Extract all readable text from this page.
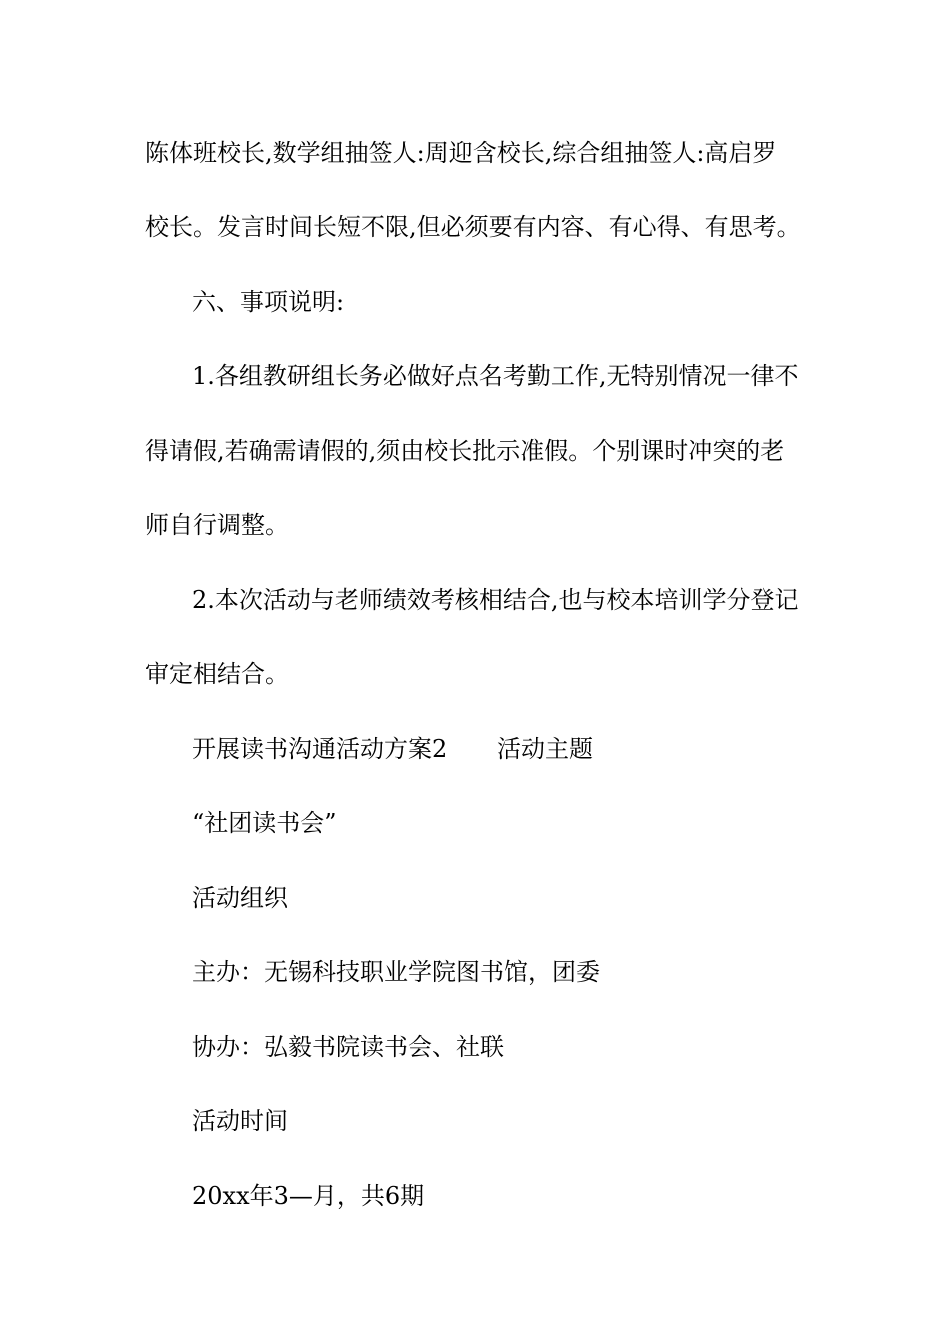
陈体班校长,数学组抽签人:周迎含校长,综合组抽签人:高启罗
校长。发言时间长短不限,但必须要有内容、有心得、有思考。
六、事项说明:
1.各组教研组长务必做好点名考勤工作,无特别情况一律不
得请假,若确需请假的,须由校长批示准假。个别课时冲突的老
师自行调整。
2.本次活动与老师绩效考核相结合,也与校本培训学分登记
审定相结合。
开展读书沟通活动方案2	活动主题
“社团读书会”
活动组织
主办：无锡科技职业学院图书馆，团委
协办：弘毅书院读书会、社联
活动时间
20xx年3—月，共6期
